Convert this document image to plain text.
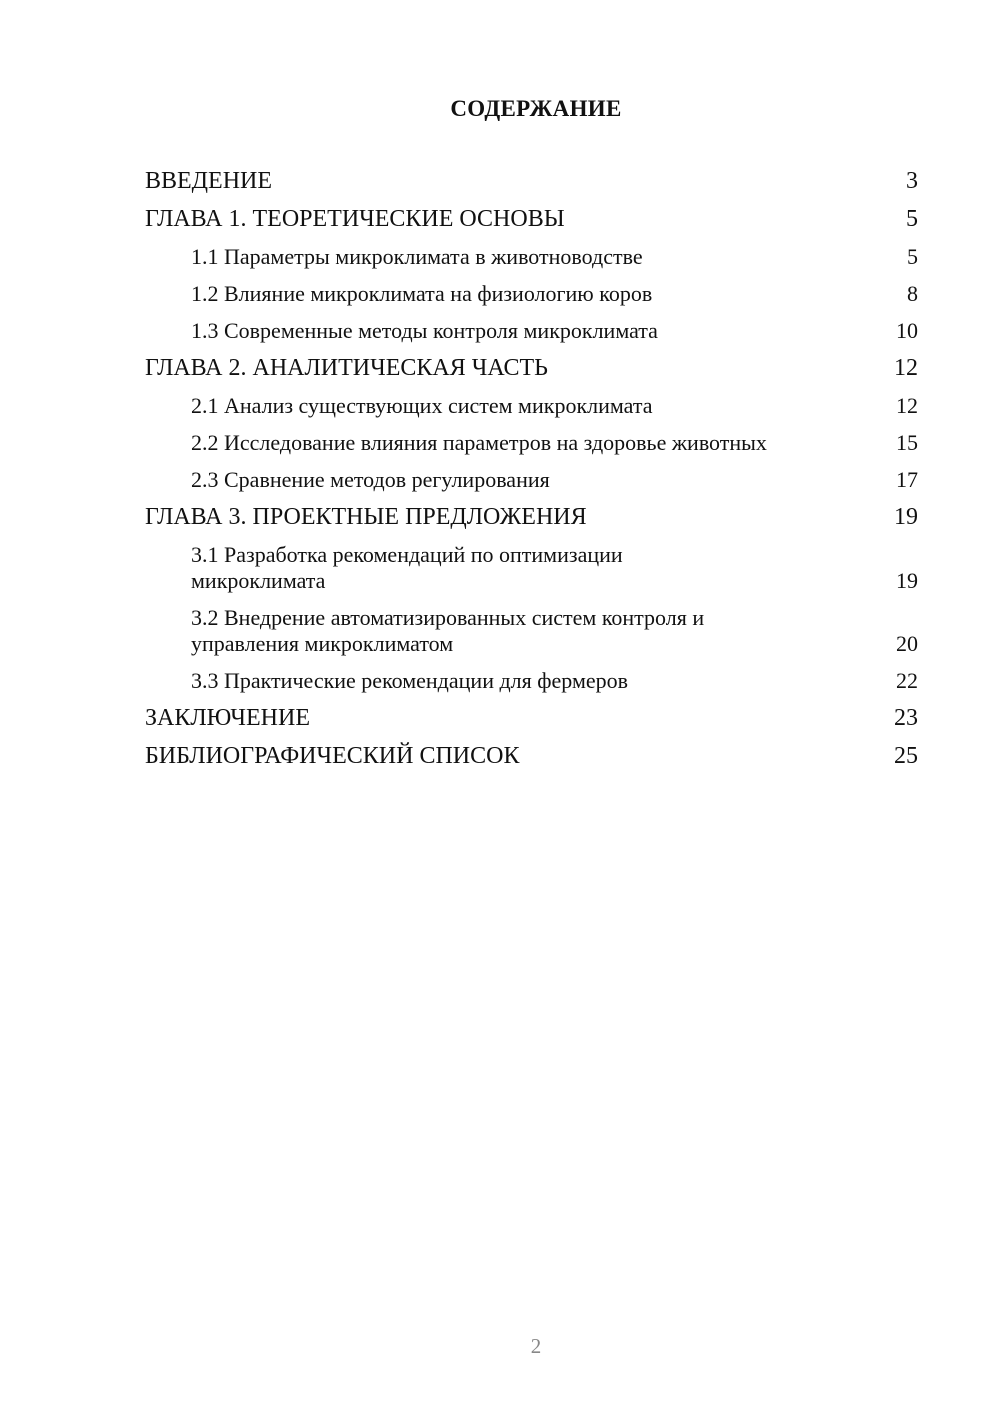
СОДЕРЖАНИЕ
ВВЕДЕНИЕ	3
ГЛАВА 1. ТЕОРЕТИЧЕСКИЕ ОСНОВЫ	5
1.1 Параметры микроклимата в животноводстве	5
1.2 Влияние микроклимата на физиологию коров	8
1.3 Современные методы контроля микроклимата	10
ГЛАВА 2. АНАЛИТИЧЕСКАЯ ЧАСТЬ	12
2.1 Анализ существующих систем микроклимата	12
2.2 Исследование влияния параметров на здоровье животных	15
2.3 Сравнение методов регулирования	17
ГЛАВА 3. ПРОЕКТНЫЕ ПРЕДЛОЖЕНИЯ	19
3.1 Разработка рекомендаций по оптимизации микроклимата	19
3.2 Внедрение автоматизированных систем контроля и управления микроклиматом	20
3.3 Практические рекомендации для фермеров	22
ЗАКЛЮЧЕНИЕ	23
БИБЛИОГРАФИЧЕСКИЙ СПИСОК	25
2
